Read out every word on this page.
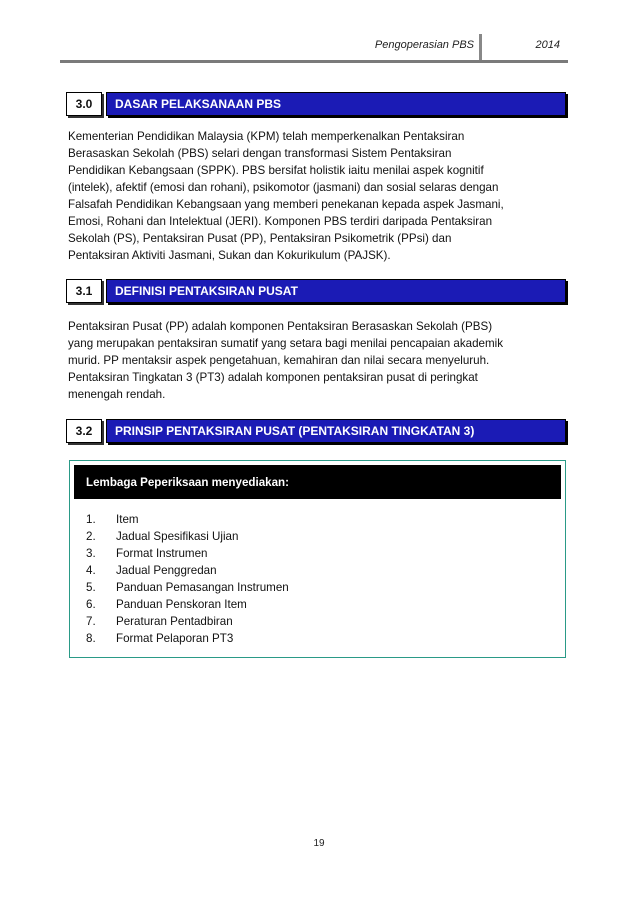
Pengoperasian PBS	2014
3.0	DASAR PELAKSANAAN PBS
Kementerian Pendidikan Malaysia (KPM) telah memperkenalkan Pentaksiran
Berasaskan Sekolah (PBS) selari dengan transformasi Sistem Pentaksiran
Pendidikan Kebangsaan (SPPK). PBS bersifat holistik iaitu menilai aspek kognitif
(intelek), afektif (emosi dan rohani), psikomotor (jasmani) dan sosial selaras dengan
Falsafah Pendidikan Kebangsaan yang memberi penekanan kepada aspek Jasmani,
Emosi, Rohani dan Intelektual (JERI). Komponen PBS terdiri daripada Pentaksiran
Sekolah (PS), Pentaksiran Pusat (PP), Pentaksiran Psikometrik (PPsi) dan
Pentaksiran Aktiviti Jasmani, Sukan dan Kokurikulum (PAJSK).
3.1	DEFINISI PENTAKSIRAN PUSAT
Pentaksiran Pusat (PP) adalah komponen Pentaksiran Berasaskan Sekolah (PBS)
yang merupakan pentaksiran sumatif yang setara bagi menilai pencapaian akademik
murid. PP mentaksir aspek pengetahuan, kemahiran dan nilai secara menyeluruh.
Pentaksiran Tingkatan 3 (PT3) adalah komponen pentaksiran pusat di peringkat
menengah rendah.
3.2	PRINSIP PENTAKSIRAN PUSAT (PENTAKSIRAN TINGKATAN 3)
Lembaga Peperiksaan menyediakan:
1.	Item
2.	Jadual Spesifikasi Ujian
3.	Format Instrumen
4.	Jadual Penggredan
5.	Panduan Pemasangan Instrumen
6.	Panduan Penskoran Item
7.	Peraturan Pentadbiran
8.	Format Pelaporan PT3
19
